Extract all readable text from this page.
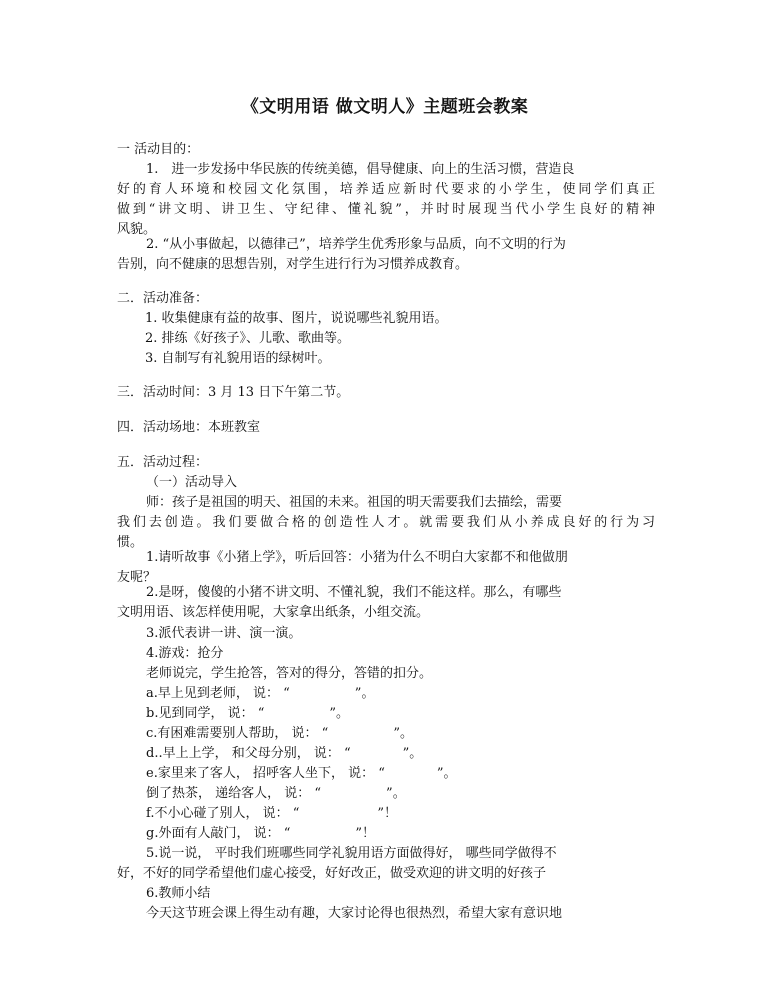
《文明用语 做文明人》主题班会教案
一 活动目的：
1.　进一步发扬中华民族的传统美德，倡导健康、向上的生活习惯，营造良
好的育人环境和校园文化氛围，培养适应新时代要求的小学生，使同学们真正
做到“讲文明、讲卫生、守纪律、懂礼貌”，并时时展现当代小学生良好的精神
风貌。
2. “从小事做起，以德律己”，培养学生优秀形象与品质，向不文明的行为
告别，向不健康的思想告别，对学生进行行为习惯养成教育。
二．活动准备：
1. 收集健康有益的故事、图片，说说哪些礼貌用语。
2. 排练《好孩子》、儿歌、歌曲等。
3. 自制写有礼貌用语的绿树叶。
三．活动时间：3 月 13 日下午第二节。
四．活动场地：本班教室
五．活动过程：
（一）活动导入
师：孩子是祖国的明天、祖国的未来。祖国的明天需要我们去描绘，需要
我们去创造。我们要做合格的创造性人才。就需要我们从小养成良好的行为习
惯。
1.请听故事《小猪上学》，听后回答：小猪为什么不明白大家都不和他做朋
友呢？
2.是呀，傻傻的小猪不讲文明、不懂礼貌，我们不能这样。那么，有哪些
文明用语、该怎样使用呢，大家拿出纸条，小组交流。
3.派代表讲一讲、演一演。
4.游戏：抢分
老师说完，学生抢答，答对的得分，答错的扣分。
a.早上见到老师， 说： “　　　　　”。
b.见到同学， 说： “　　　　　”。
c.有困难需要别人帮助， 说： “　　　　　”。
d..早上上学， 和父母分别， 说： “　　　　”。
e.家里来了客人， 招呼客人坐下， 说： “　　　　”。
倒了热茶， 递给客人， 说： “　　　　　”。
f.不小心碰了别人， 说： “　　　　　　”！
g.外面有人敲门， 说： “　　　　　”！
5.说一说， 平时我们班哪些同学礼貌用语方面做得好， 哪些同学做得不
好，不好的同学希望他们虚心接受，好好改正，做受欢迎的讲文明的好孩子
6.教师小结
今天这节班会课上得生动有趣，大家讨论得也很热烈，希望大家有意识地
